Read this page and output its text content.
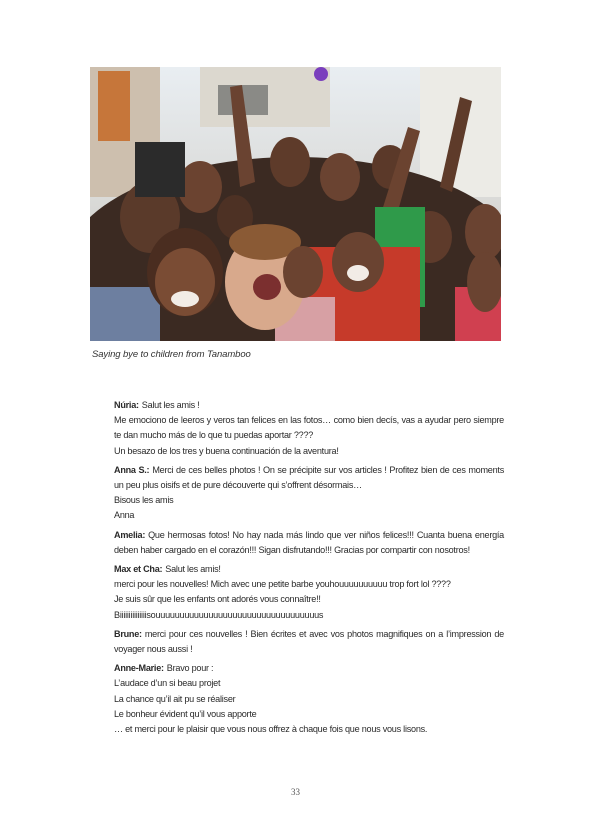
Saying bye to children from Tanamboo
Núria: Salut les amis !
Me emociono de leeros y veros tan felices en las fotos… como bien decís, vas a ayudar pero siempre te dan mucho más de lo que tu puedas aportar ????
Un besazo de los tres y buena continuación de la aventura!
Anna S.: Merci de ces belles photos ! On se précipite sur vos articles ! Profitez bien de ces moments un peu plus oisifs et de pure découverte qui s’offrent désormais…
Bisous les amis
Anna
Amelia: Que hermosas fotos! No hay nada más lindo que ver niños felices!!! Cuanta buena energía deben haber cargado en el corazón!!! Sigan disfrutando!!! Gracias por compartir con nosotros!
Max et Cha: Salut les amis!
merci pour les nouvelles! Mich avec une petite barbe youhouuuuuuuuuu trop fort lol ????
Je suis sûr que les enfants ont adorés vous connaître!!
Biiiiiiiiiiiiiiisouuuuuuuuuuuuuuuuuuuuuuuuuuuuuuuuuus
Brune: merci pour ces nouvelles ! Bien écrites et avec vos photos magnifiques on a l’impression de voyager nous aussi !
Anne-Marie: Bravo pour :
L’audace d’un si beau projet
La chance qu’il ait pu se réaliser
Le bonheur évident qu’il vous apporte
… et merci pour le plaisir que vous nous offrez à chaque fois que nous vous lisons.
33
